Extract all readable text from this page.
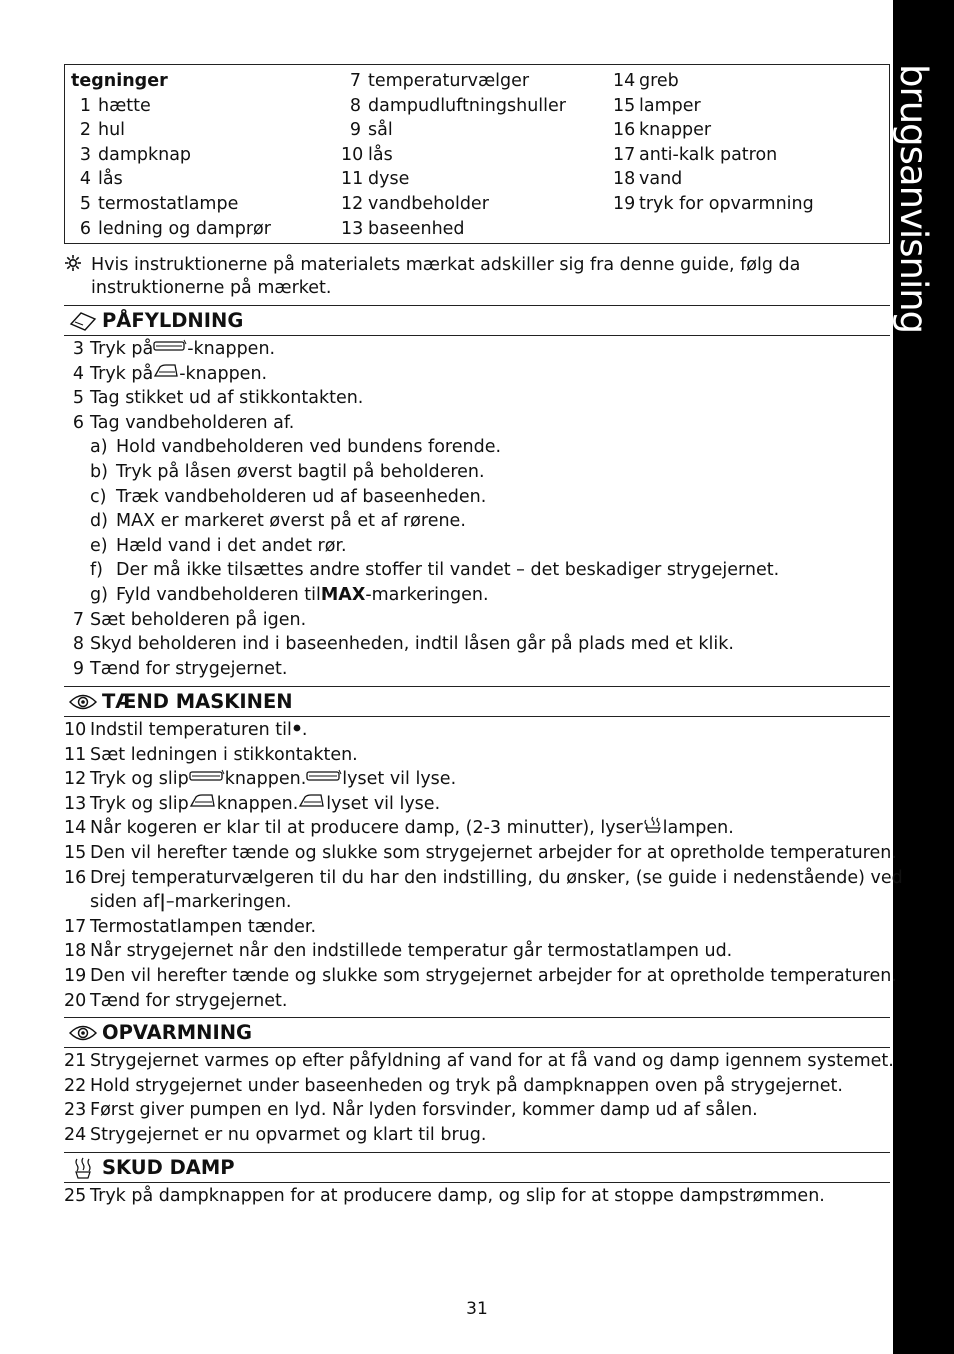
brugsanvisning
tegninger
1 hætte
2 hul
3 dampknap
4 lås
5 termostatlampe
6 ledning og damprør
7 temperaturvælger
8 dampudluftningshuller
9 sål
10 lås
11 dyse
12 vandbeholder
13 baseenhed
14 greb
15 lamper
16 knapper
17 anti-kalk patron
18 vand
19 tryk for opvarmning
Hvis instruktionerne på materialets mærkat adskiller sig fra denne guide, følg da
instruktionerne på mærket.
PÅFYLDNING
3 Tryk på -knappen.
4 Tryk på -knappen.
5 Tag stikket ud af stikkontakten.
6 Tag vandbeholderen af.
a) Hold vandbeholderen ved bundens forende.
b) Tryk på låsen øverst bagtil på beholderen.
c) Træk vandbeholderen ud af baseenheden.
d) MAX er markeret øverst på et af rørene.
e) Hæld vand i det andet rør.
f) Der må ikke tilsættes andre stoffer til vandet – det beskadiger strygejernet.
g) Fyld vandbeholderen til MAX -markeringen.
7 Sæt beholderen på igen.
8 Skyd beholderen ind i baseenheden, indtil låsen går på plads med et klik.
9 Tænd for strygejernet.
TÆND MASKINEN
10 Indstil temperaturen til .
11 Sæt ledningen i stikkontakten.
12 Tryk og slip knappen. lyset vil lyse.
13 Tryk og slip knappen. lyset vil lyse.
14 Når kogeren er klar til at producere damp, (2-3 minutter), lyser lampen.
15 Den vil herefter tænde og slukke som strygejernet arbejder for at opretholde temperaturen.
16 Drej temperaturvælgeren til du har den indstilling, du ønsker, (se guide i nedenstående) ved
siden af | –markeringen.
17 Termostatlampen tænder.
18 Når strygejernet når den indstillede temperatur går termostatlampen ud.
19 Den vil herefter tænde og slukke som strygejernet arbejder for at opretholde temperaturen.
20 Tænd for strygejernet.
OPVARMNING
21 Strygejernet varmes op efter påfyldning af vand for at få vand og damp igennem systemet.
22 Hold strygejernet under baseenheden og tryk på dampknappen oven på strygejernet.
23 Først giver pumpen en lyd. Når lyden forsvinder, kommer damp ud af sålen.
24 Strygejernet er nu opvarmet og klart til brug.
SKUD DAMP
25 Tryk på dampknappen for at producere damp, og slip for at stoppe dampstrømmen.
31
